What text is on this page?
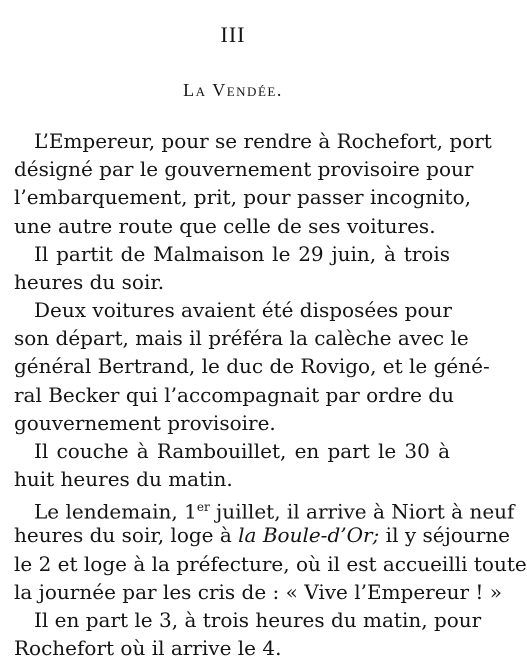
III
La Vendée.
L’Empereur, pour se rendre à Rochefort, port
désigné par le gouvernement provisoire pour
l’embarquement, prit, pour passer incognito,
une autre route que celle de ses voitures.
Il partit de Malmaison le 29 juin, à trois
heures du soir.
Deux voitures avaient été disposées pour
son départ, mais il préféra la calèche avec le
général Bertrand, le duc de Rovigo, et le géné-
ral Becker qui l’accompagnait par ordre du
gouvernement provisoire.
Il couche à Rambouillet, en part le 30 à
huit heures du matin.
Le lendemain, 1er juillet, il arrive à Niort à neuf
heures du soir, loge à la Boule-d’Or; il y séjourne
le 2 et loge à la préfecture, où il est accueilli toute
la journée par les cris de : « Vive l’Empereur ! »
Il en part le 3, à trois heures du matin, pour
Rochefort où il arrive le 4.
